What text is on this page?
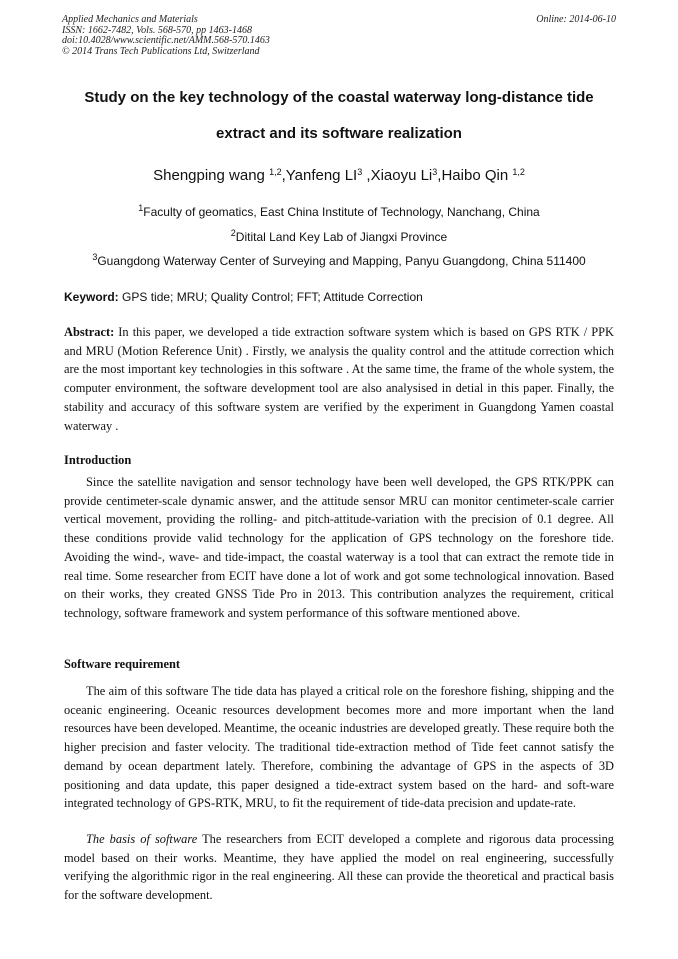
Applied Mechanics and Materials
ISSN: 1662-7482, Vols. 568-570, pp 1463-1468
doi:10.4028/www.scientific.net/AMM.568-570.1463
© 2014 Trans Tech Publications Ltd, Switzerland
Online: 2014-06-10
Study on the key technology of the coastal waterway long-distance tide
extract and its software realization
Shengping wang $^{1,2}$,Yanfeng $LI^3$ ,Xiaoyu Li$^3$,Haibo Qin $^{1,2}$
$^1$Faculty of geomatics, East China Institute of Technology, Nanchang, China
$^2$Ditital Land Key Lab of Jiangxi Province
$^3$Guangdong Waterway Center of Surveying and Mapping, Panyu Guangdong, China 511400
Keyword: GPS tide; MRU; Quality Control; FFT; Attitude Correction

Abstract: In this paper, we developed a tide extraction software system which is based on GPS RTK / PPK and MRU (Motion Reference Unit) . Firstly, we analysis the quality control and the attitude correction which are the most important key technologies in this software . At the same time, the frame of the whole system, the computer environment, the software development tool are also analysised in detial in this paper. Finally, the stability and accuracy of this software system are verified by the experiment in Guangdong Yamen coastal waterway .

Introduction

Since the satellite navigation and sensor technology have been well developed, the GPS RTK/PPK can provide centimeter-scale dynamic answer, and the attitude sensor MRU can monitor centimeter-scale carrier vertical movement, providing the rolling- and pitch-attitude-variation with the precision of 0.1 degree. All these conditions provide valid technology for the application of GPS technology on the foreshore tide. Avoiding the wind-, wave- and tide-impact, the coastal waterway is a tool that can extract the remote tide in real time. Some researcher from ECIT have done a lot of work and got some technological innovation. Based on their works, they created GNSS Tide Pro in 2013. This contribution analyzes the requirement, critical technology, software framework and system performance of this software mentioned above.

Software requirement

The aim of this software The tide data has played a critical role on the foreshore fishing, shipping and the oceanic engineering. Oceanic resources development becomes more and more important when the land resources have been developed. Meantime, the oceanic industries are developed greatly. These require both the higher precision and faster velocity. The traditional tide-extraction method of Tide feet cannot satisfy the demand by ocean department lately. Therefore, combining the advantage of GPS in the aspects of 3D positioning and data update, this paper designed a tide-extract system based on the hard- and soft-ware integrated technology of GPS-RTK, MRU, to fit the requirement of tide-data precision and update-rate.

The basis of software The researchers from ECIT developed a complete and rigorous data processing model based on their works. Meantime, they have applied the model on real engineering, successfully verifying the algorithmic rigor in the real engineering. All these can provide the theoretical and practical basis for the software development.
